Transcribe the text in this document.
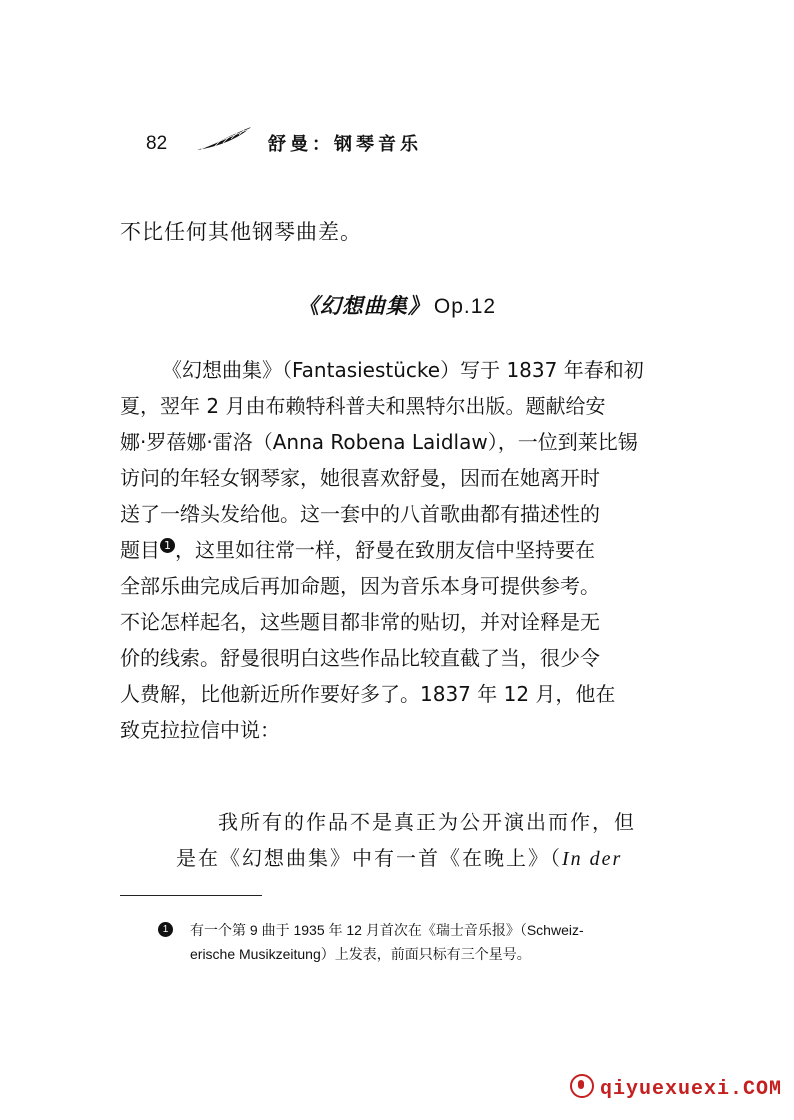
82	舒曼：钢琴音乐
不比任何其他钢琴曲差。
《幻想曲集》 Op.12
《幻想曲集》（Fantasiestücke）写于 1837 年春和初
夏，翌年 2 月由布赖特科普夫和黑特尔出版。题献给安
娜·罗蓓娜·雷洛（Anna Robena Laidlaw），一位到莱比锡
访问的年轻女钢琴家，她很喜欢舒曼，因而在她离开时
送了一绺头发给他。这一套中的八首歌曲都有描述性的
题目 1 ，这里如往常一样，舒曼在致朋友信中坚持要在
全部乐曲完成后再加命题，因为音乐本身可提供参考。
不论怎样起名，这些题目都非常的贴切，并对诠释是无
价的线索。舒曼很明白这些作品比较直截了当，很少令
人费解，比他新近所作要好多了。1837 年 12 月，他在
致克拉拉信中说：
我所有的作品不是真正为公开演出而作，但
是在《幻想曲集》中有一首《在晚上》（In der
1	有一个第 9 曲于 1935 年 12 月首次在《瑞士音乐报》（Schweiz-
erische Musikzeitung）上发表，前面只标有三个星号。
qiyuexuexi.COM
